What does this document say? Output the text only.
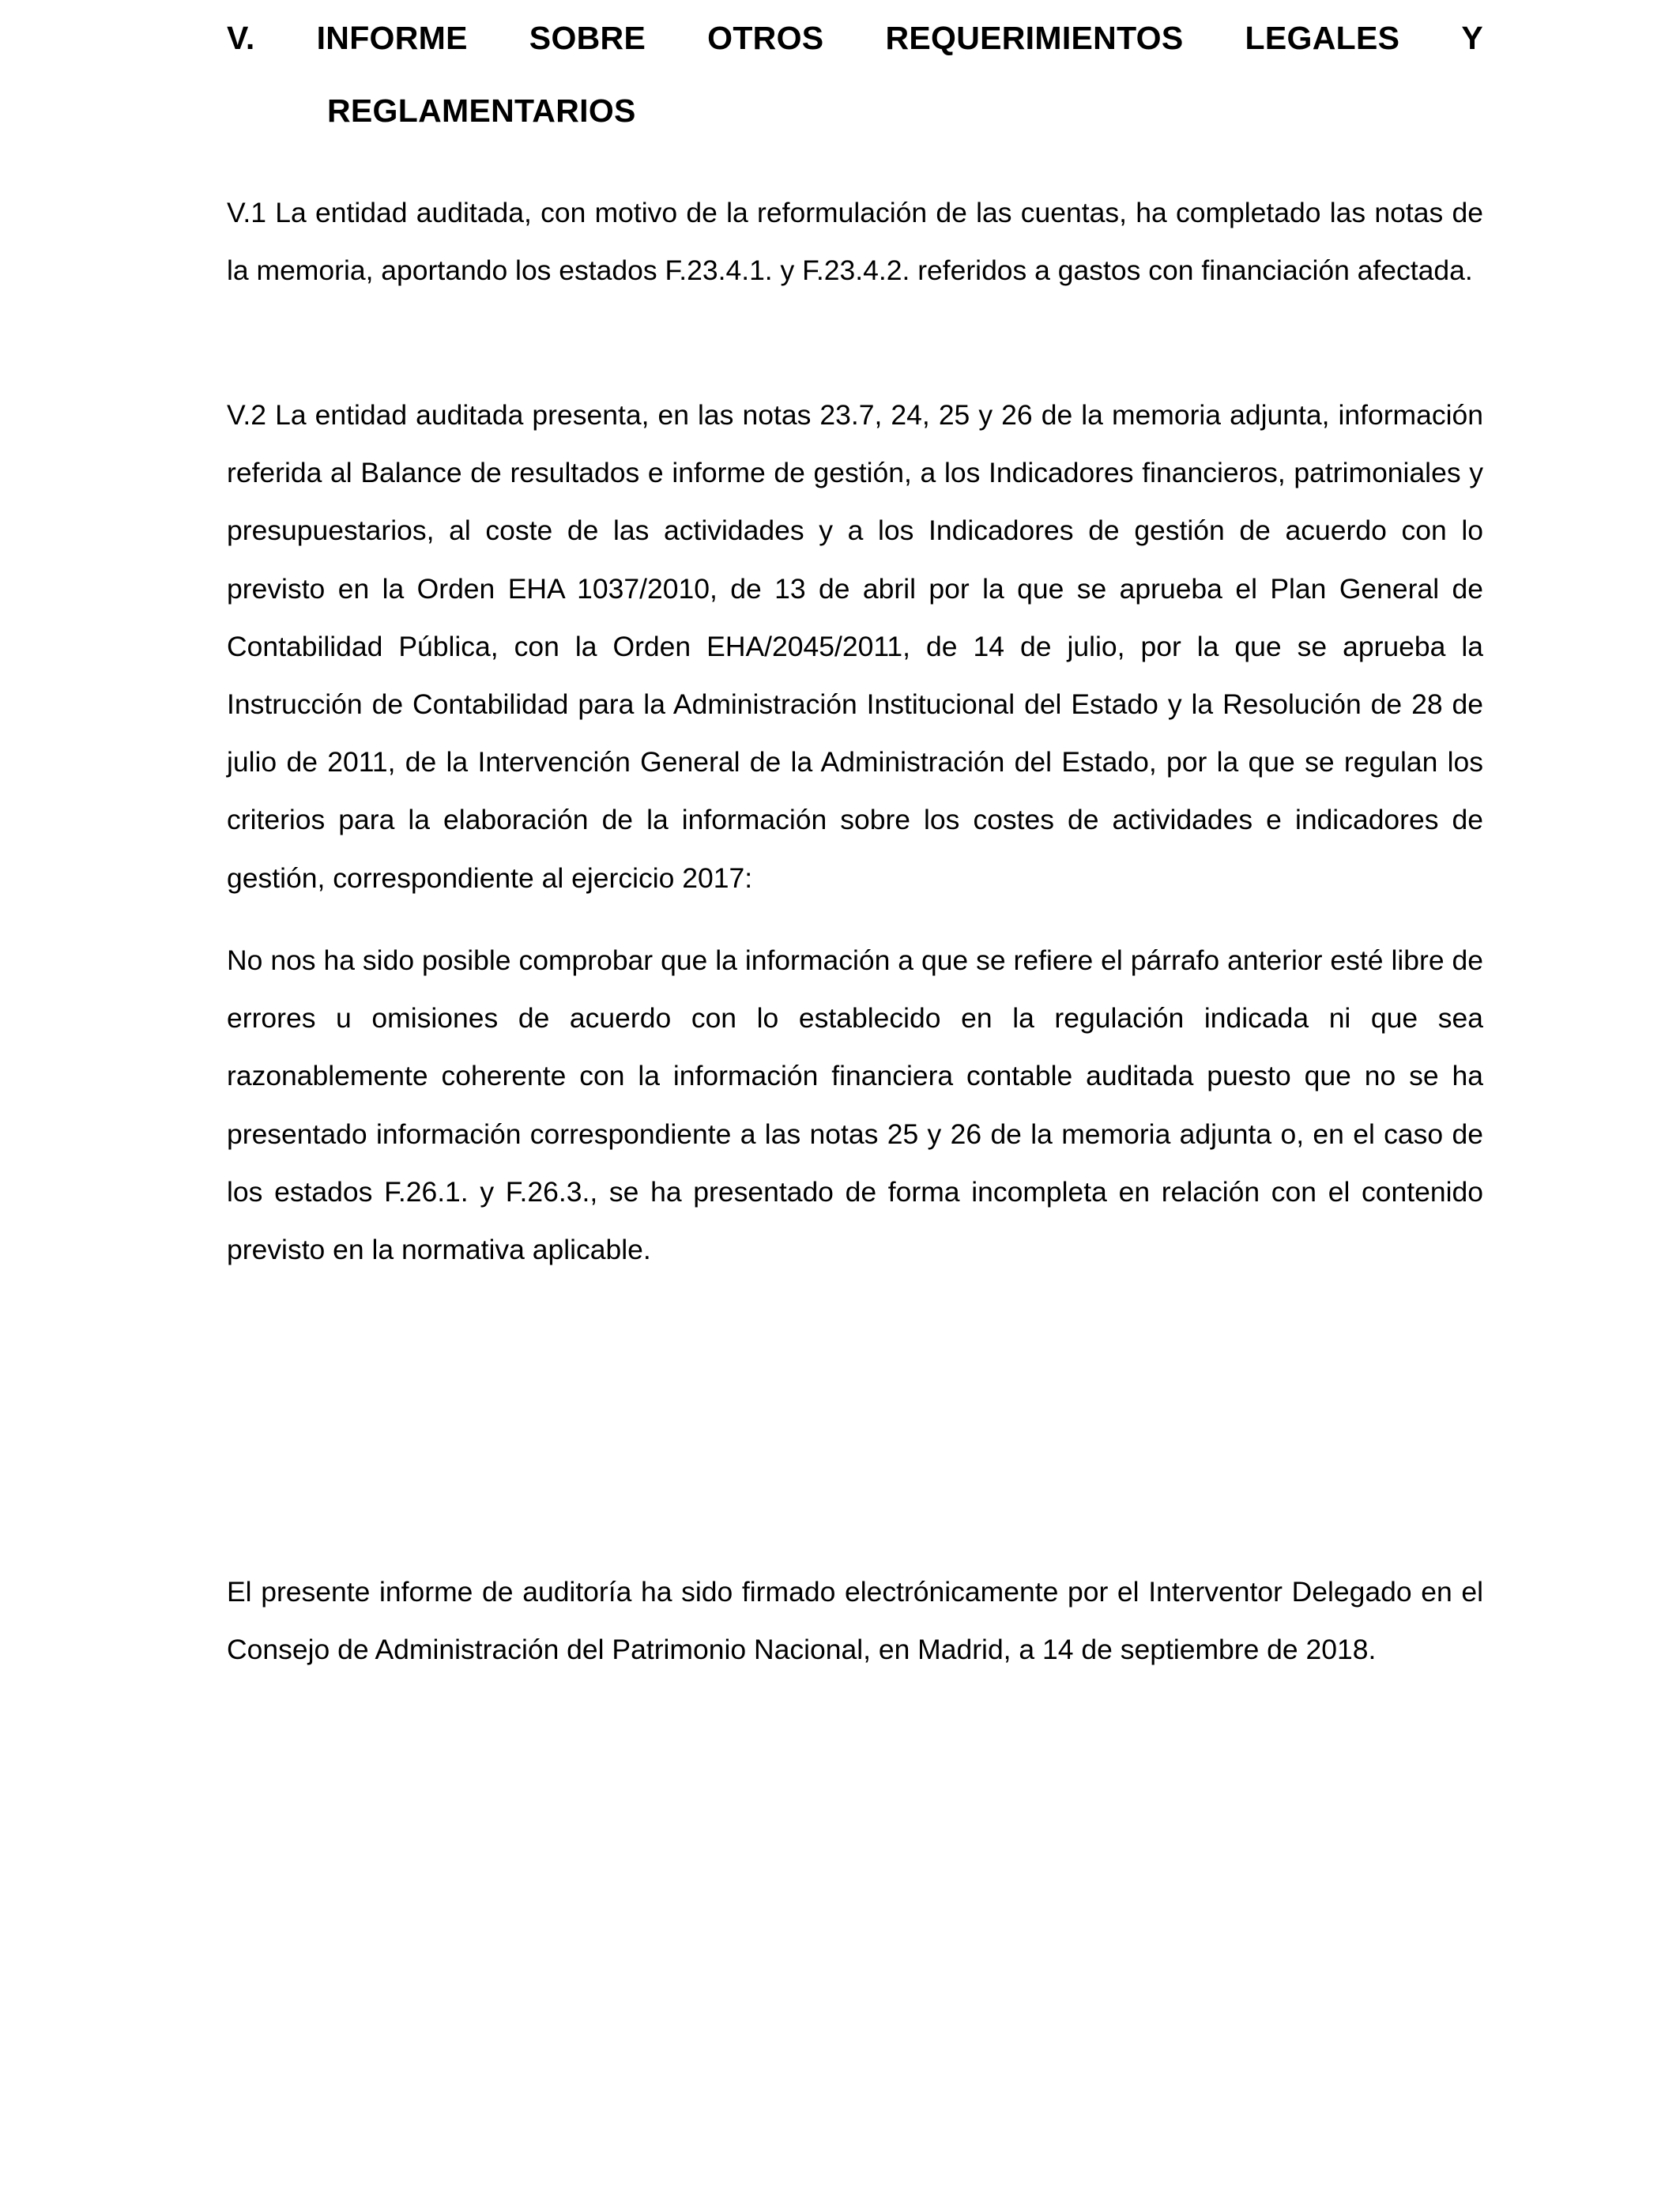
V. INFORME SOBRE OTROS REQUERIMIENTOS LEGALES Y
REGLAMENTARIOS

V.1 La entidad auditada, con motivo de la reformulación de las cuentas, ha completado las notas de la memoria, aportando los estados F.23.4.1. y F.23.4.2. referidos a gastos con financiación afectada.

V.2 La entidad auditada presenta, en las notas 23.7, 24, 25 y 26 de la memoria adjunta, información referida al Balance de resultados e informe de gestión, a los Indicadores financieros, patrimoniales y presupuestarios, al coste de las actividades y a los Indicadores de gestión de acuerdo con lo previsto en la Orden EHA 1037/2010, de 13 de abril por la que se aprueba el Plan General de Contabilidad Pública, con la Orden EHA/2045/2011, de 14 de julio, por la que se aprueba la Instrucción de Contabilidad para la Administración Institucional del Estado y la Resolución de 28 de julio de 2011, de la Intervención General de la Administración del Estado, por la que se regulan los criterios para la elaboración de la información sobre los costes de actividades e indicadores de gestión, correspondiente al ejercicio 2017:

No nos ha sido posible comprobar que la información a que se refiere el párrafo anterior esté libre de errores u omisiones de acuerdo con lo establecido en la regulación indicada ni que sea razonablemente coherente con la información financiera contable auditada puesto que no se ha presentado información correspondiente a las notas 25 y 26 de la memoria adjunta o, en el caso de los estados F.26.1. y F.26.3., se ha presentado de forma incompleta en relación con el contenido previsto en la normativa aplicable.

El presente informe de auditoría ha sido firmado electrónicamente por el Interventor Delegado en el Consejo de Administración del Patrimonio Nacional, en Madrid, a 14 de septiembre de 2018.
